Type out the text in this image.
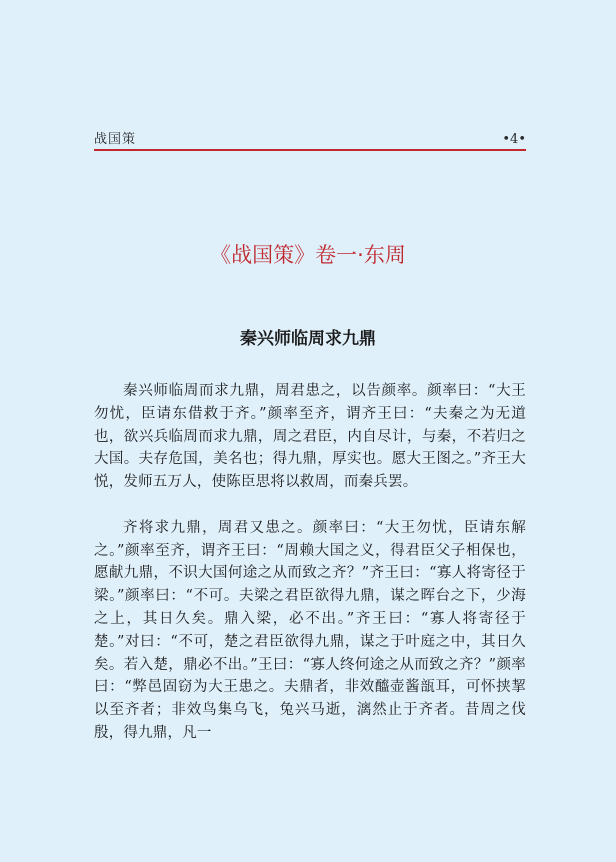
战国策	•4•
《战国策》卷一·东周
秦兴师临周求九鼎

秦兴师临周而求九鼎，周君患之，以告颜率。颜率曰：“大王勿忧，臣请东借救于齐。”颜率至齐，谓齐王曰：“夫秦之为无道也，欲兴兵临周而求九鼎，周之君臣，内自尽计，与秦，不若归之大国。夫存危国，美名也；得九鼎，厚实也。愿大王图之。”齐王大悦，发师五万人，使陈臣思将以救周，而秦兵罢。

齐将求九鼎，周君又患之。颜率曰：“大王勿忧，臣请东解之。”颜率至齐，谓齐王曰：“周赖大国之义，得君臣父子相保也，愿献九鼎，不识大国何途之从而致之齐？”齐王曰：“寡人将寄径于梁。”颜率曰：“不可。夫梁之君臣欲得九鼎，谋之晖台之下，少海之上，其日久矣。鼎入梁，必不出。”齐王曰：“寡人将寄径于楚。”对曰：“不可，楚之君臣欲得九鼎，谋之于叶庭之中，其日久矣。若入楚，鼎必不出。”王曰：“寡人终何途之从而致之齐？”颜率曰：“弊邑固窃为大王患之。夫鼎者，非效醯壶酱瓿耳，可怀挟挈以至齐者；非效鸟集乌飞，兔兴马逝，漓然止于齐者。昔周之伐殷，得九鼎，凡一
